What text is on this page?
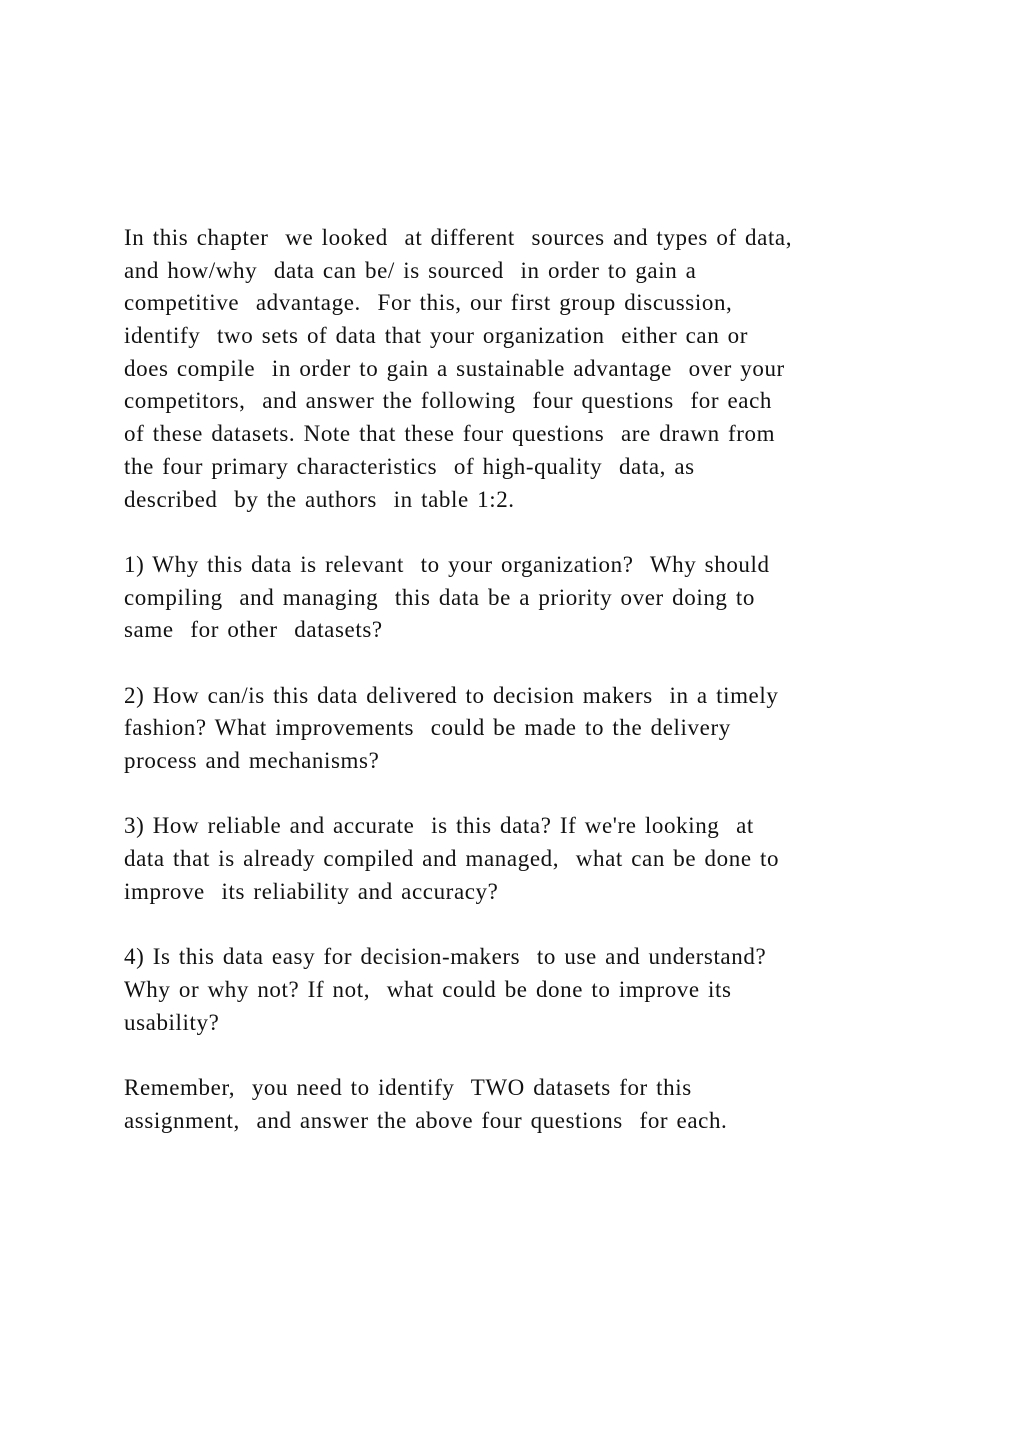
In this chapter  we looked  at different  sources and types of data,
and how/why  data can be/ is sourced  in order to gain a
competitive  advantage.  For this, our first group discussion,
identify  two sets of data that your organization  either can or
does compile  in order to gain a sustainable advantage  over your
competitors,  and answer the following  four questions  for each
of these datasets. Note that these four questions  are drawn from
the four primary characteristics  of high-quality  data, as
described  by the authors  in table 1:2.
1) Why this data is relevant  to your organization?  Why should
compiling  and managing  this data be a priority over doing to
same  for other  datasets?
2) How can/is this data delivered to decision makers  in a timely
fashion? What improvements  could be made to the delivery
process and mechanisms?
3) How reliable and accurate  is this data? If we're looking  at
data that is already compiled and managed,  what can be done to
improve  its reliability and accuracy?
4) Is this data easy for decision-makers  to use and understand?
Why or why not? If not,  what could be done to improve its
usability?
Remember,  you need to identify  TWO datasets for this
assignment,  and answer the above four questions  for each.
